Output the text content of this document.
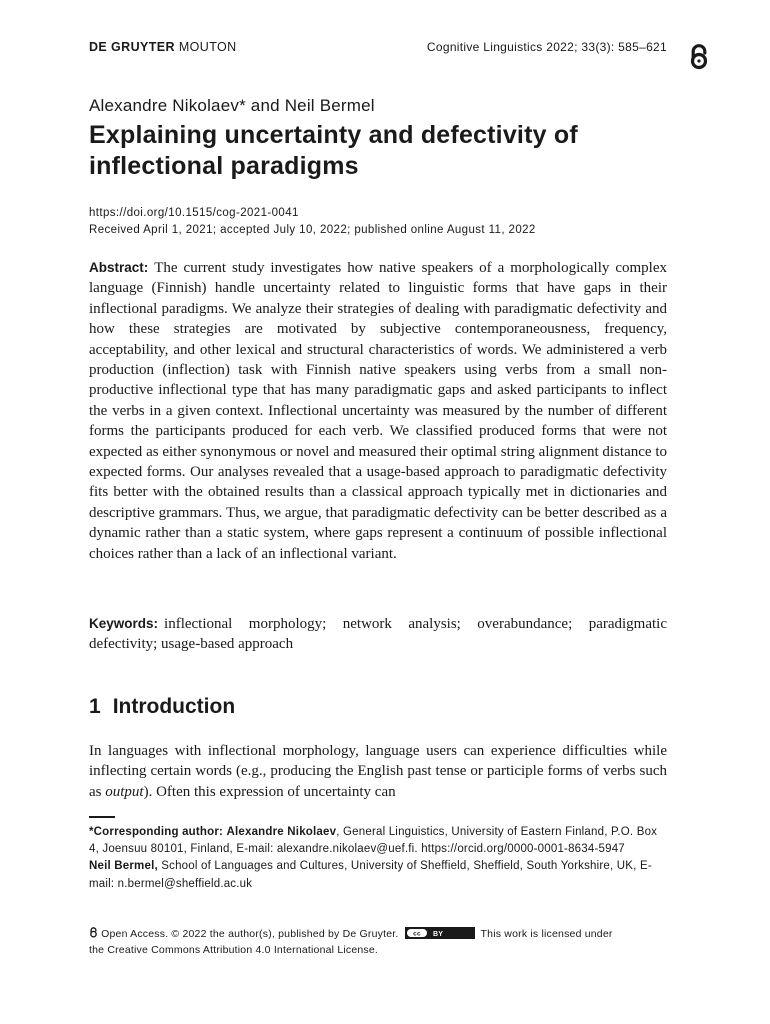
DE GRUYTER MOUTON	Cognitive Linguistics 2022; 33(3): 585–621
Alexandre Nikolaev* and Neil Bermel
Explaining uncertainty and defectivity of inflectional paradigms
https://doi.org/10.1515/cog-2021-0041
Received April 1, 2021; accepted July 10, 2022; published online August 11, 2022

Abstract: The current study investigates how native speakers of a morphologically complex language (Finnish) handle uncertainty related to linguistic forms that have gaps in their inflectional paradigms. We analyze their strategies of dealing with paradigmatic defectivity and how these strategies are motivated by subjective contemporaneousness, frequency, acceptability, and other lexical and structural characteristics of words. We administered a verb production (inflection) task with Finnish native speakers using verbs from a small non-productive inflectional type that has many paradigmatic gaps and asked participants to inflect the verbs in a given context. Inflectional uncertainty was measured by the number of different forms the participants produced for each verb. We classified produced forms that were not expected as either synonymous or novel and measured their optimal string alignment distance to expected forms. Our analyses revealed that a usage-based approach to paradigmatic defectivity fits better with the obtained results than a classical approach typically met in dictionaries and descriptive grammars. Thus, we argue, that paradigmatic defectivity can be better described as a dynamic rather than a static system, where gaps represent a continuum of possible inflectional choices rather than a lack of an inflectional variant.

Keywords: inflectional morphology; network analysis; overabundance; paradigmatic defectivity; usage-based approach

1 Introduction

In languages with inflectional morphology, language users can experience difficulties while inflecting certain words (e.g., producing the English past tense or participle forms of verbs such as output). Often this expression of uncertainty can

*Corresponding author: Alexandre Nikolaev, General Linguistics, University of Eastern Finland, P.O. Box 4, Joensuu 80101, Finland, E-mail: alexandre.nikolaev@uef.fi. https://orcid.org/0000-0001-8634-5947

Neil Bermel, School of Languages and Cultures, University of Sheffield, Sheffield, South Yorkshire, UK, E-mail: n.bermel@sheffield.ac.uk

Open Access. © 2022 the author(s), published by De Gruyter. cc BY	This work is licensed under
the Creative Commons Attribution 4.0 International License.
